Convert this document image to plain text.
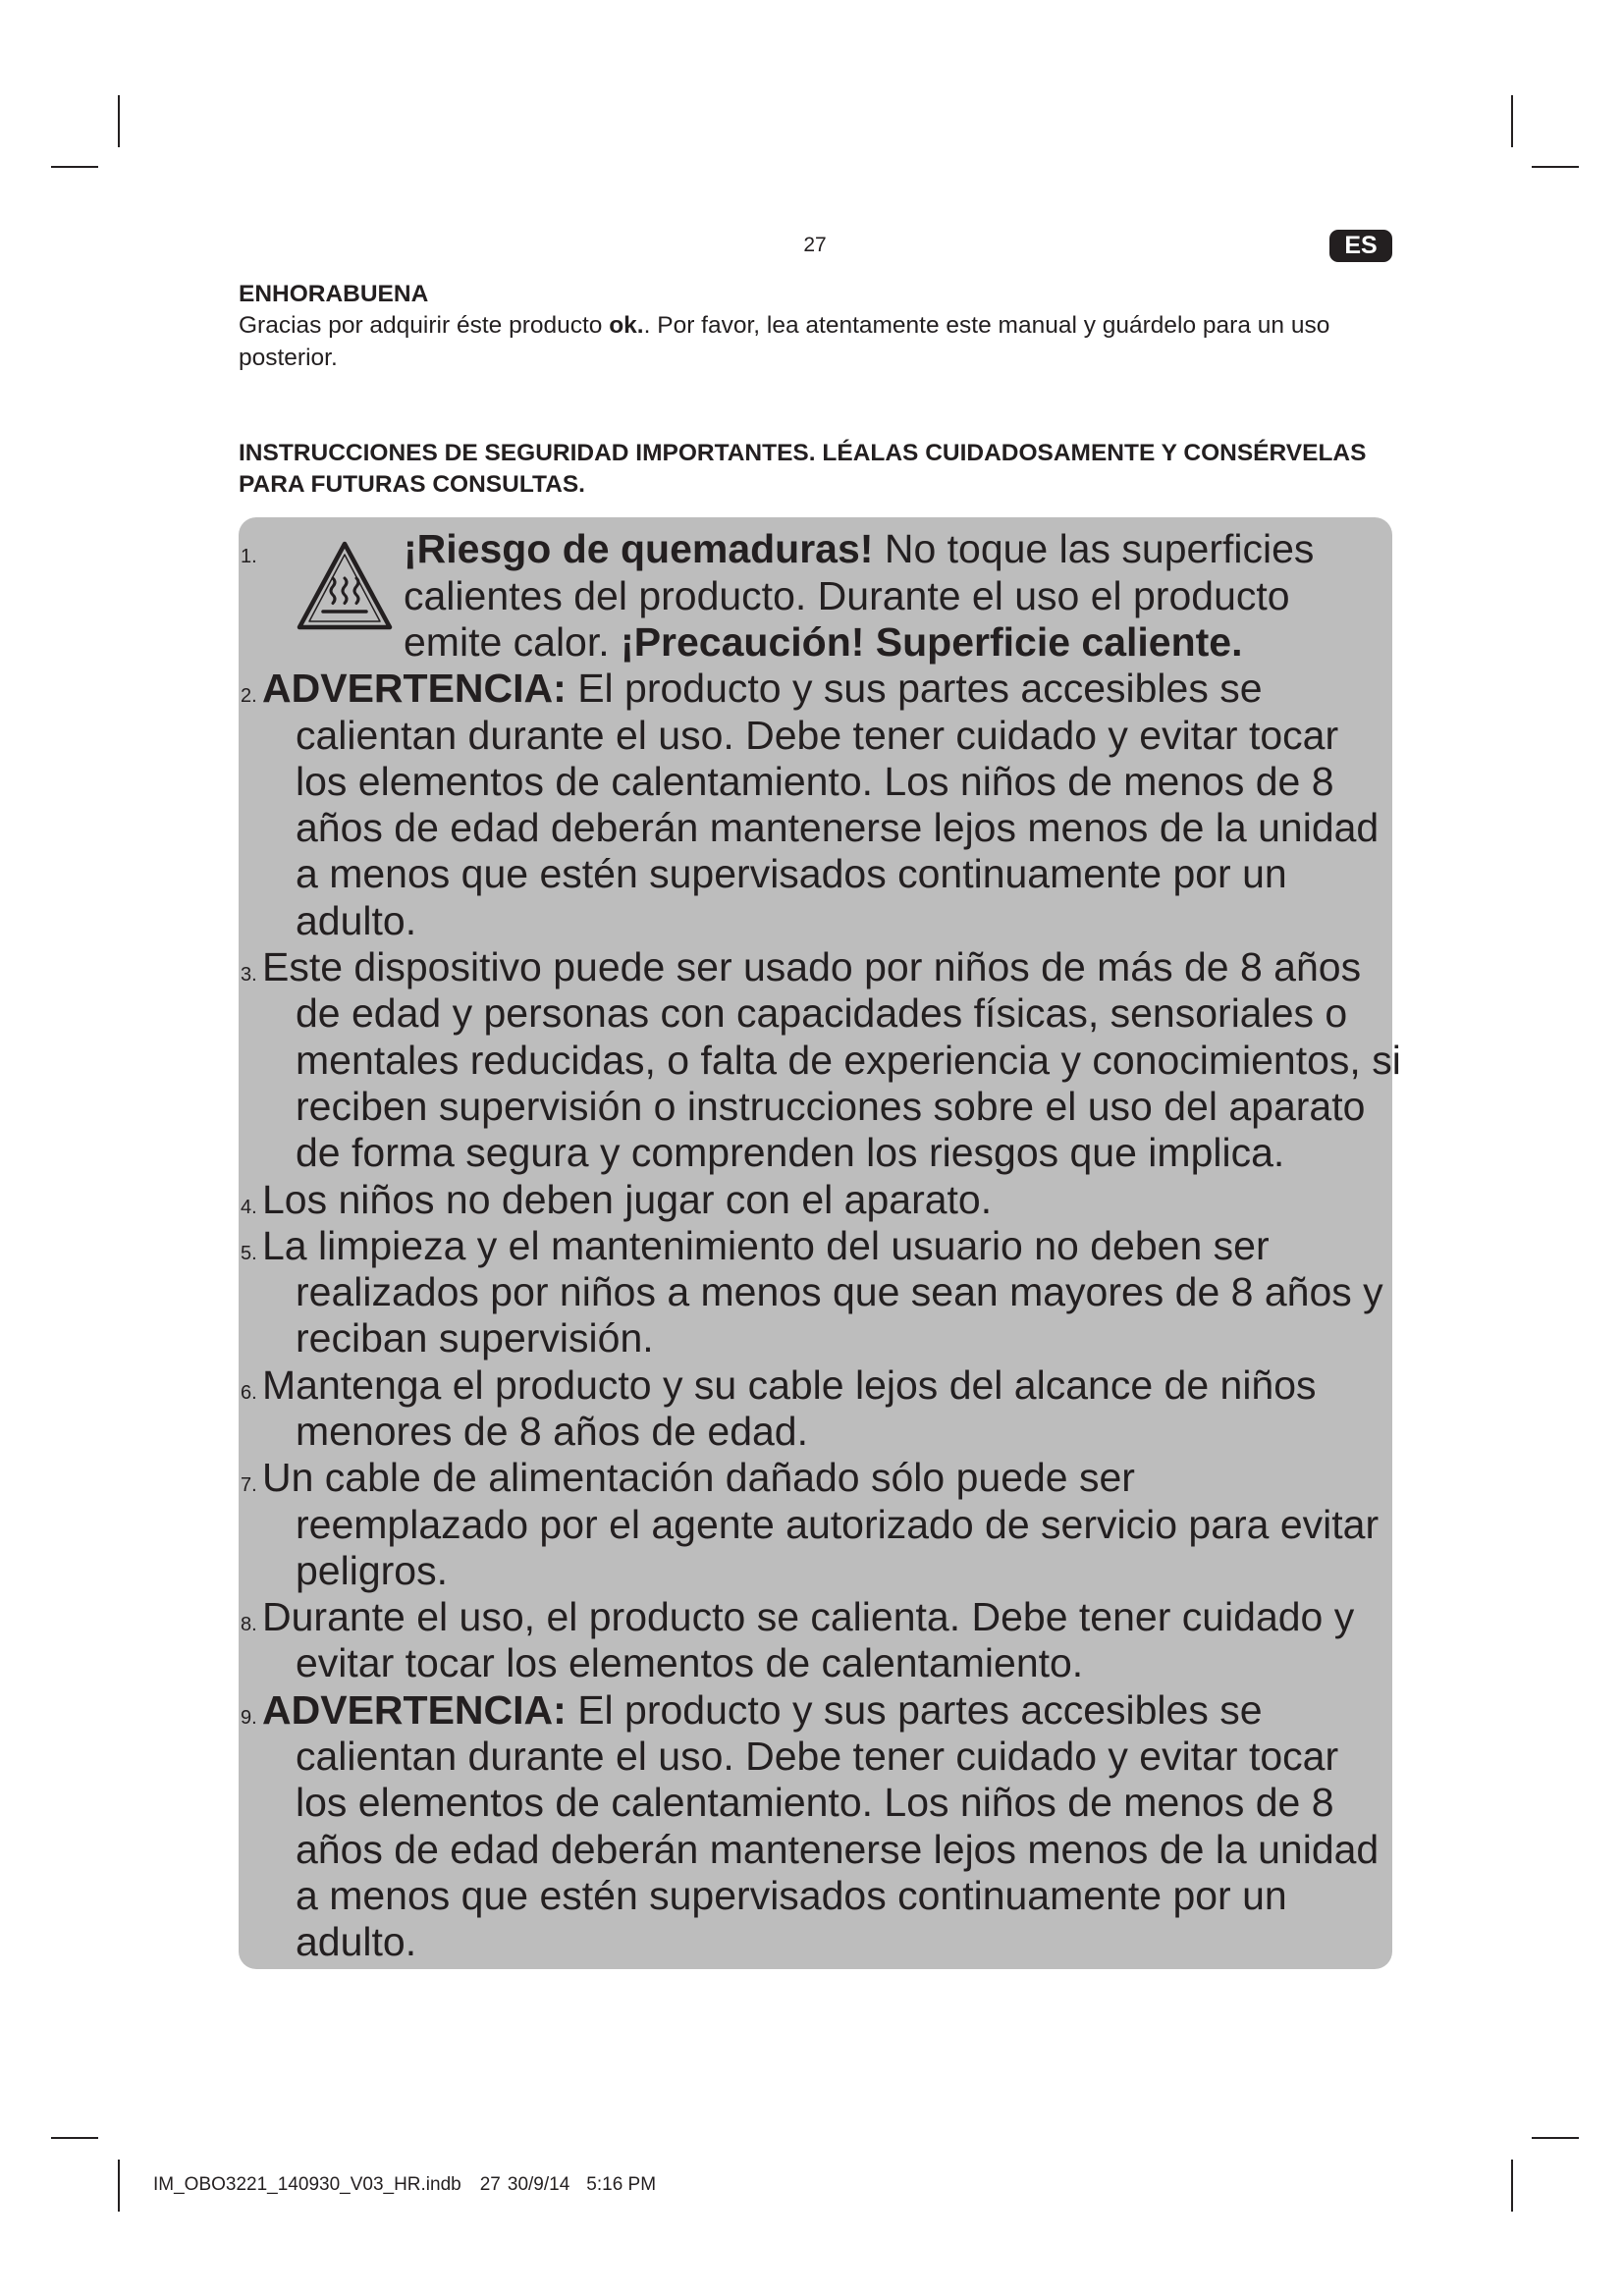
27	ES
ENHORABUENA
Gracias por adquirir éste producto ok.. Por favor, lea atentamente este manual y guárdelo para un uso
posterior.
INSTRUCCIONES DE SEGURIDAD IMPORTANTES. LÉALAS CUIDADOSAMENTE Y CONSÉRVELAS
PARA FUTURAS CONSULTAS.
1.	¡Riesgo de quemaduras! No toque las superficies
calientes del producto. Durante el uso el producto
emite calor. ¡Precaución! Superficie caliente.
2. ADVERTENCIA: El producto y sus partes accesibles se
calientan durante el uso. Debe tener cuidado y evitar tocar
los elementos de calentamiento. Los niños de menos de 8
años de edad deberán mantenerse lejos menos de la unidad
a menos que estén supervisados continuamente por un
adulto.
3. Este dispositivo puede ser usado por niños de más de 8 años
de edad y personas con capacidades físicas, sensoriales o
mentales reducidas, o falta de experiencia y conocimientos, si
reciben supervisión o instrucciones sobre el uso del aparato
de forma segura y comprenden los riesgos que implica.
4. Los niños no deben jugar con el aparato.
5. La limpieza y el mantenimiento del usuario no deben ser
realizados por niños a menos que sean mayores de 8 años y
reciban supervisión.
6. Mantenga el producto y su cable lejos del alcance de niños
menores de 8 años de edad.
7. Un cable de alimentación dañado sólo puede ser
reemplazado por el agente autorizado de servicio para evitar
peligros.
8. Durante el uso, el producto se calienta. Debe tener cuidado y
evitar tocar los elementos de calentamiento.
9. ADVERTENCIA: El producto y sus partes accesibles se
calientan durante el uso. Debe tener cuidado y evitar tocar
los elementos de calentamiento. Los niños de menos de 8
años de edad deberán mantenerse lejos menos de la unidad
a menos que estén supervisados continuamente por un
adulto.
IM_OBO3221_140930_V03_HR.indb 27 30/9/14 5:16 PM
